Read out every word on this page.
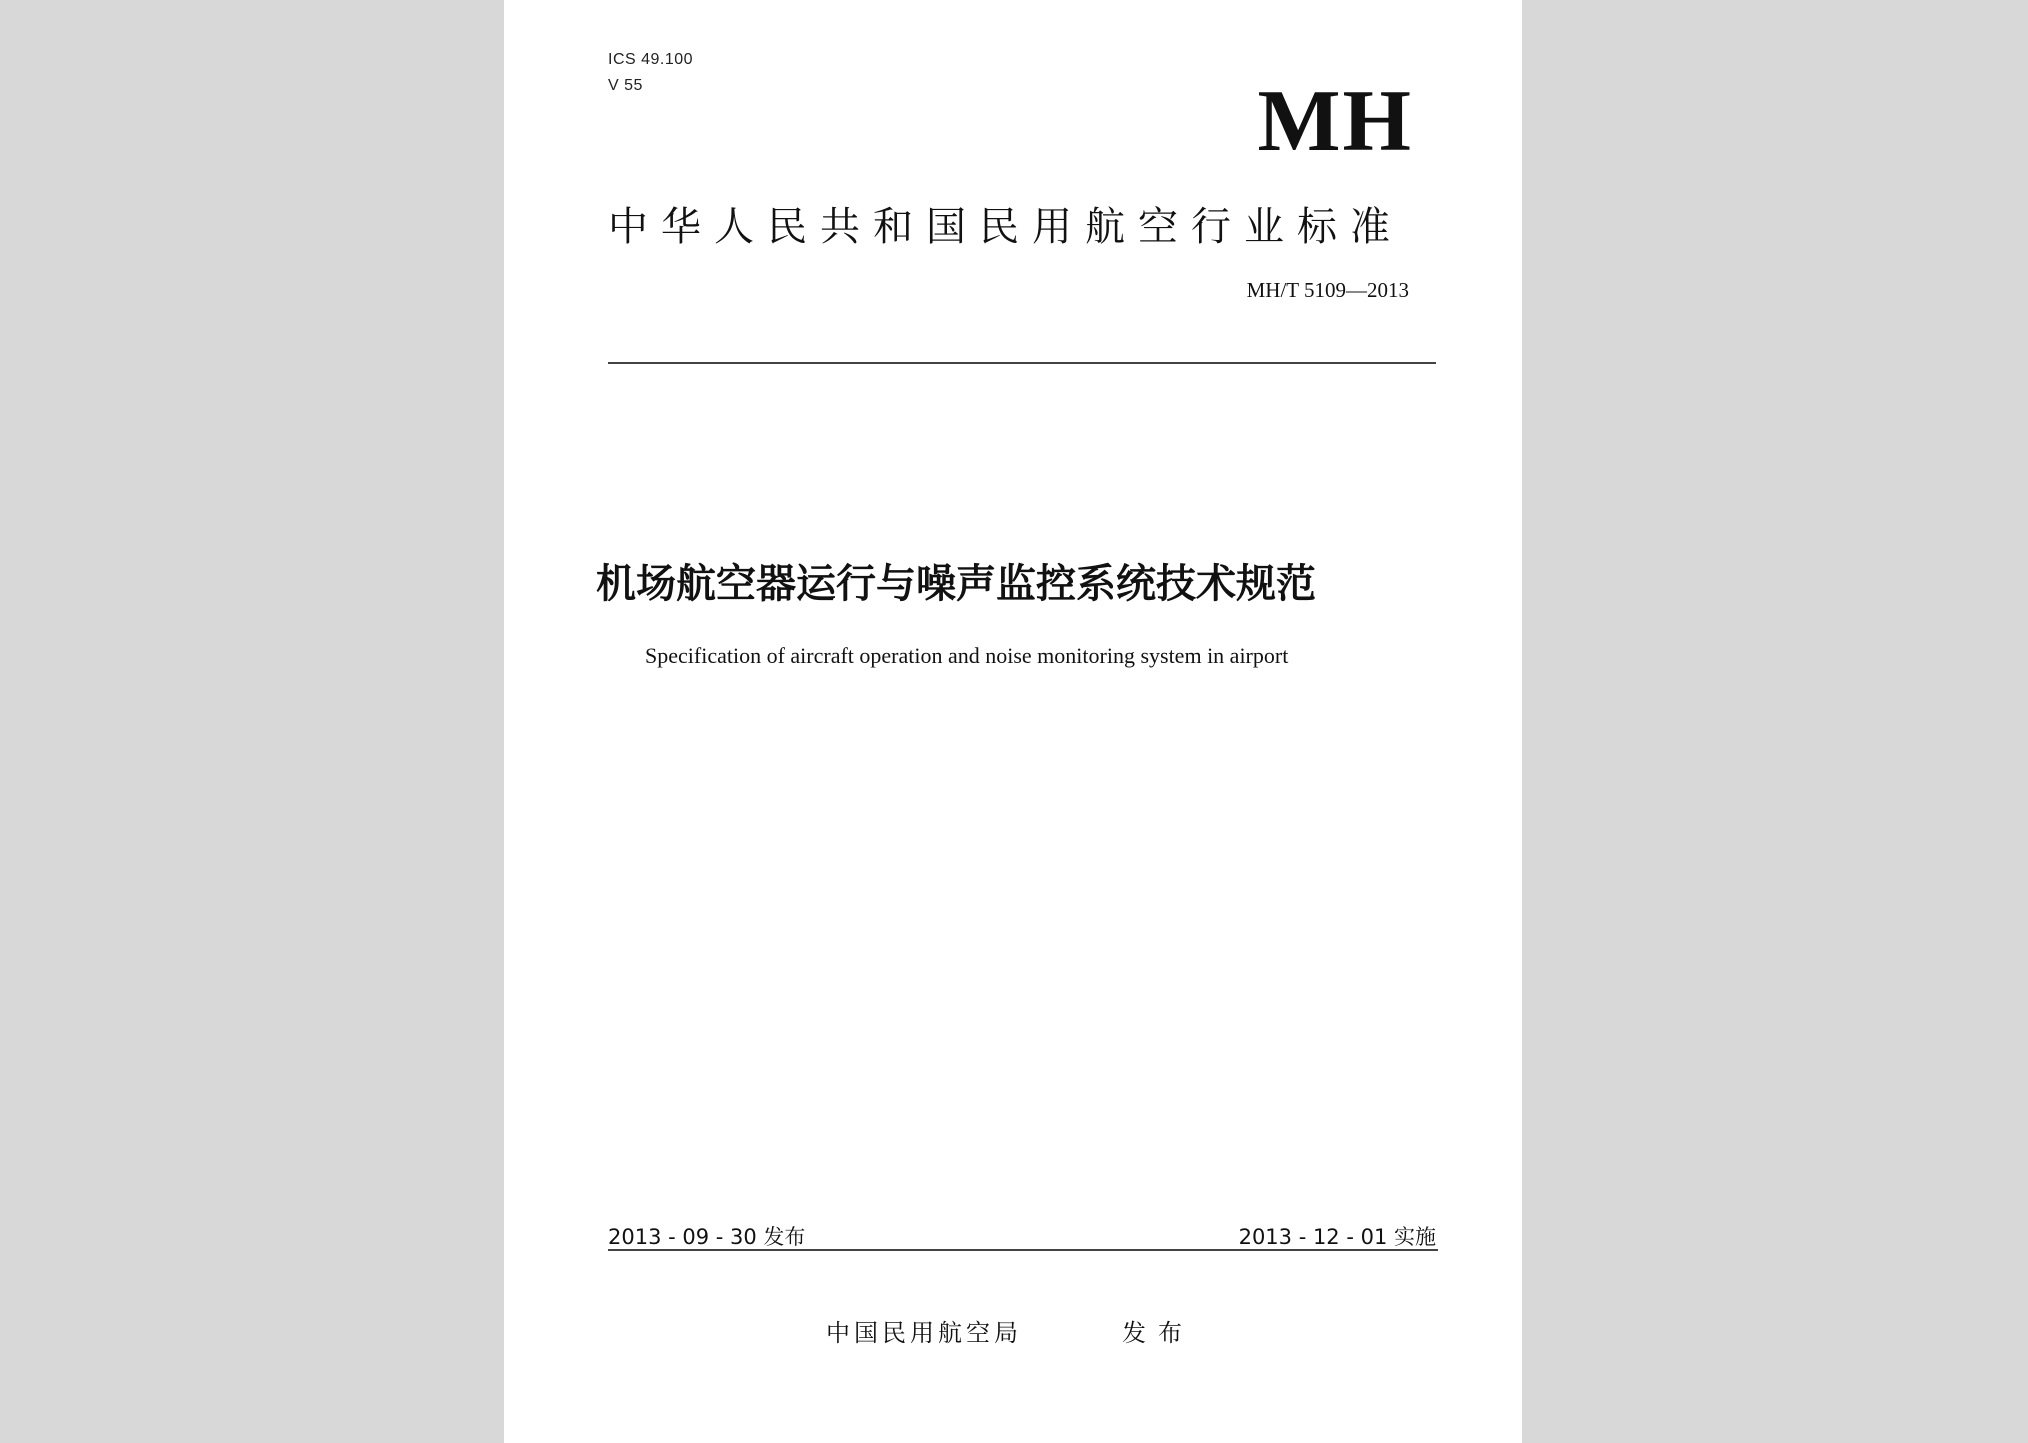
ICS 49.100
V 55	MH
中华人民共和国民用航空行业标准
MH/T 5109—2013
机场航空器运行与噪声监控系统技术规范
Specification of aircraft operation and noise monitoring system in airport
2013 - 09 - 30 发布	2013 - 12 - 01 实施
中国民用航空局	发布
